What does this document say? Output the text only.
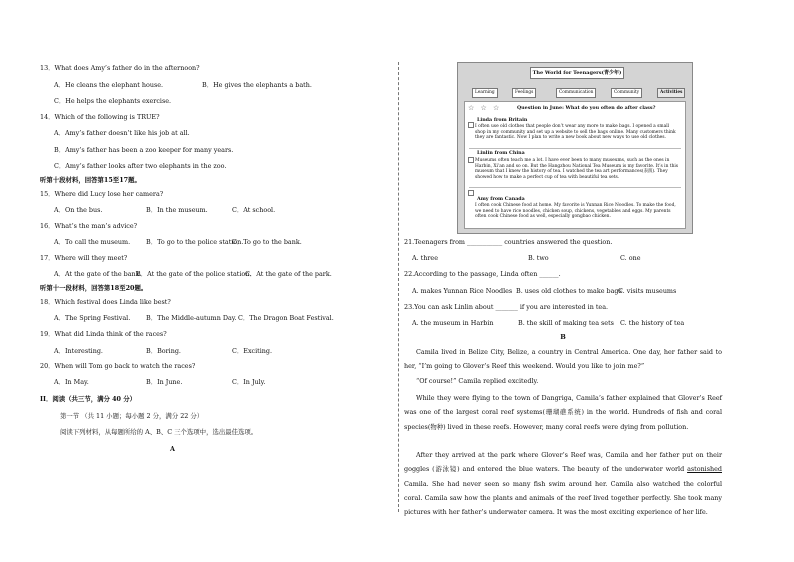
13．What does Amy’s father do in the afternoon?
A．He cleans the elephant house.	B．He gives the elephants a bath.
C．He helps the elephants exercise.
14．Which of the following is TRUE?
A．Amy’s father doesn’t like his job at all.
B．Amy’s father has been a zoo keeper for many years.
C．Amy’s father looks after two elephants in the zoo.
听第十段材料，回答第15至17题。
15．Where did Lucy lose her camera?
A．On the bus.	B．In the museum.	C．At school.
16．What’s the man’s advice?
A．To call the museum. B．To go to the police station.
C．To go to the bank.
17．Where will they meet?
A．At the gate of the bank.
B．At the gate of the police station.
C．At the gate of the park.
听第十一段材料，回答第18至20题。
18．Which festival does Linda like best?
A．The Spring Festival. B．The Middle-autumn Day. C．The Dragon Boat Festival.
19．What did Linda think of the races?
A．Interesting.	B．Boring.	C．Exciting.
20．When will Tom go back to watch the races?
A．In May.	B．In June.	C．In July.
II．阅读（共三节，满分 40 分）
第一节 （共 11 小题；每小题 2 分，满分 22 分）
阅读下列材料，从每题所给的 A、B、C 三个选项中，选出最佳选项。
A
The World for Teenagers(青少年)
Learning	Feelings	Communication	Community	Activities
☆ ☆ ☆	Question in June: What do you often do after class?
Linda from Britain
I often use old clothes that people don’t wear any more to make bags. I opened a small shop in my community and set up a website to sell the bags online. Many customers think they are fantastic. Now I plan to write a new book about new ways to use old clothes.
Linlin from China
Museums often teach me a lot. I have ever been to many museums, such as the ones in Harbin, Xi’an and so on. But the Hangzhou National Tea Museum is my favorite. It’s in this museum that I knew the history of tea. I watched the tea art performances(表演). They showed how to make a perfect cup of tea with beautiful tea sets.
Amy from Canada
I often cook Chinese food at home. My favorite is Yunnan Rice Noodles. To make the food, we need to have rice noodles, chicken soup, chickens, vegetables and eggs. My parents often cook Chinese food as well, especially gongbao chicken.
21.Teenagers from ___________ countries answered the question.
A. three	B. two	C. one
22.According to the passage, Linda often ______.
A. makes Yunnan Rice Noodles B. uses old clothes to make bags
C. visits museums
23.You can ask Linlin about _______ if you are interested in tea.
A. the museum in Harbin	B. the skill of making tea sets C. the history of tea
B
Camila lived in Belize City, Belize, a country in Central America. One day, her father said to her, “I’m going to Glover’s Reef this weekend. Would you like to join me?”
“Of course!” Camila replied excitedly.
While they were flying to the town of Dangriga, Camila’s father explained that Glover’s Reef was one of the largest coral reef systems(珊瑚礁系统) in the world. Hundreds of fish and coral species(物种) lived in these reefs. However, many coral reefs were dying from pollution.
After they arrived at the park where Glover’s Reef was, Camila and her father put on their goggles (游泳镜) and entered the blue waters. The beauty of the underwater world astonished Camila. She had never seen so many fish swim around her. Camila also watched the colorful coral. Camila saw how the plants and animals of the reef lived together perfectly. She took many pictures with her father’s underwater camera. It was the most exciting experience of her life.
